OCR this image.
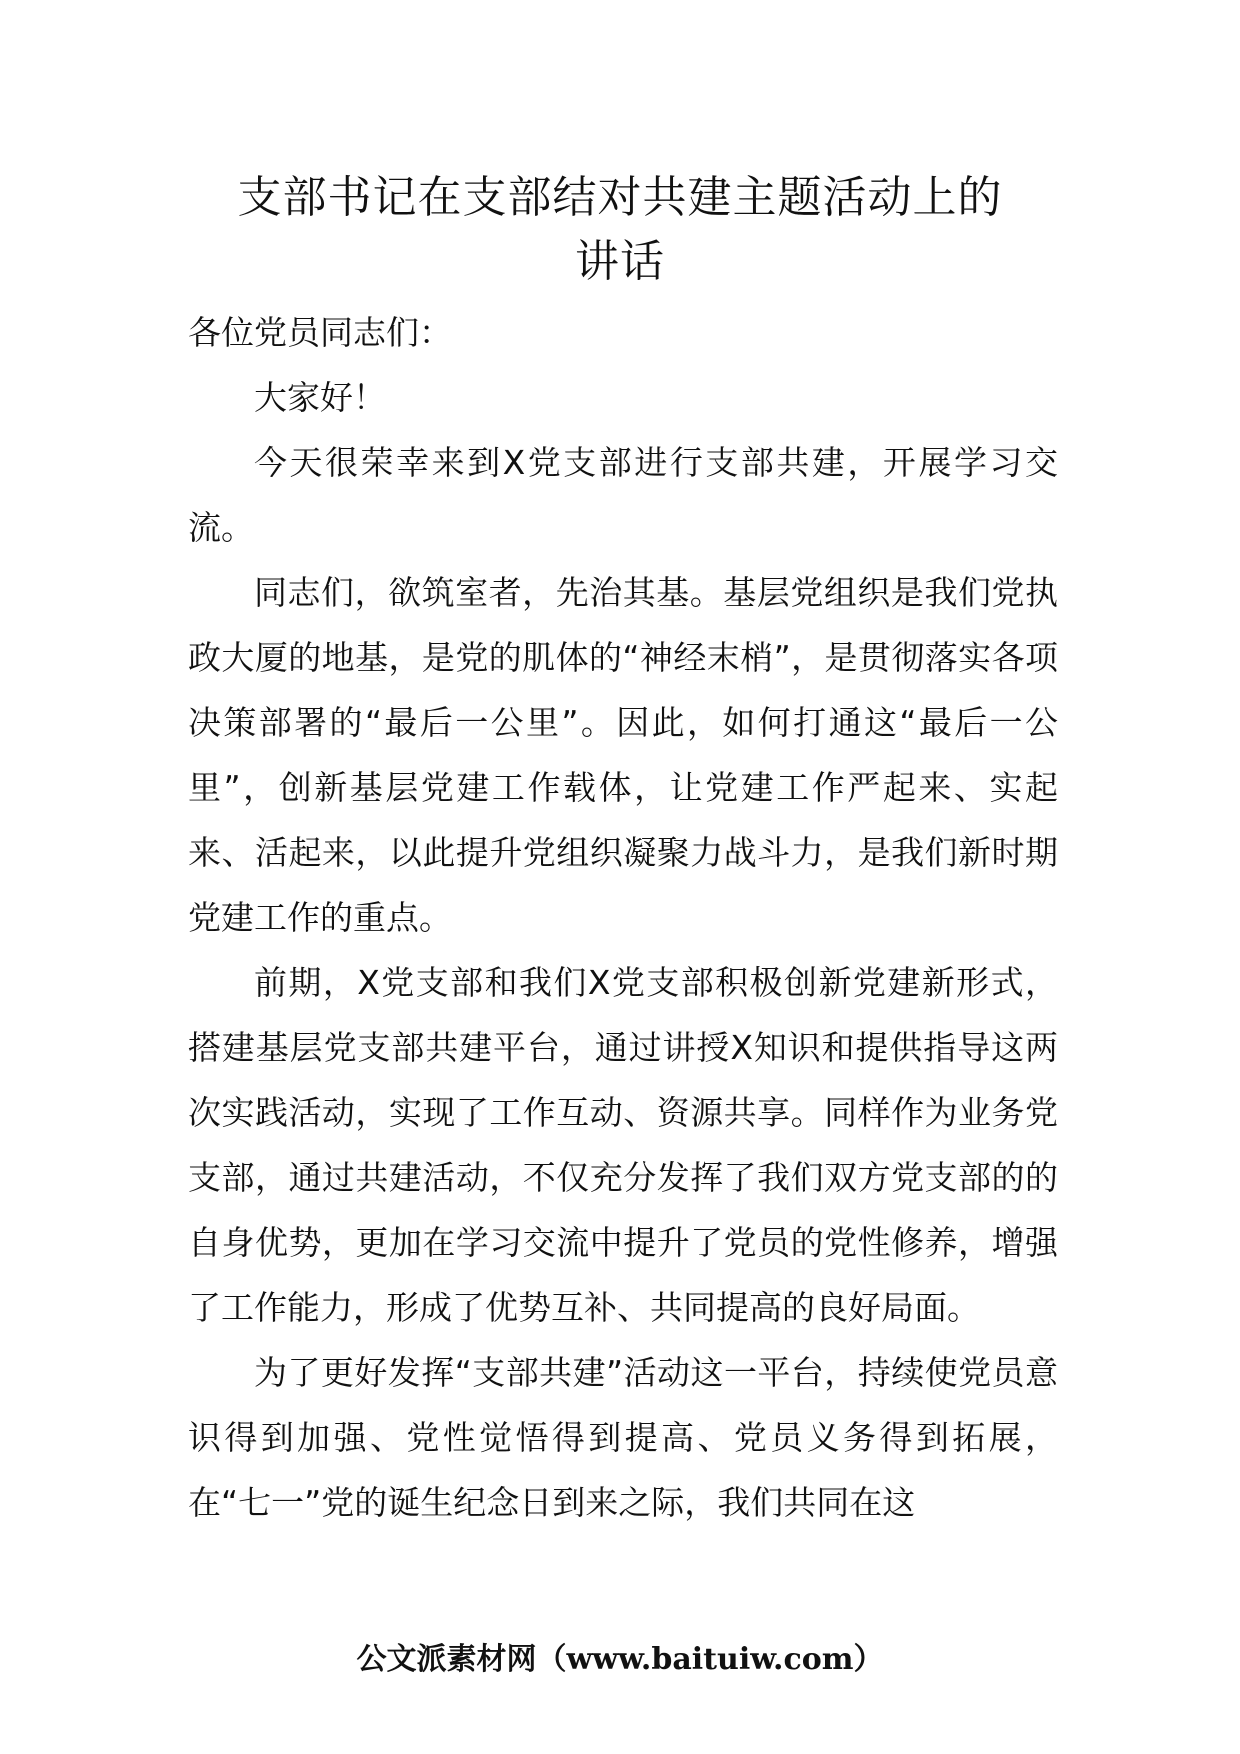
支部书记在支部结对共建主题活动上的
讲话

各位党员同志们：

大家好！

今天很荣幸来到X党支部进行支部共建，开展学习交流。

同志们，欲筑室者，先治其基。基层党组织是我们党执政大厦的地基，是党的肌体的“神经末梢”，是贯彻落实各项决策部署的“最后一公里”。因此，如何打通这“最后一公里”，创新基层党建工作载体，让党建工作严起来、实起来、活起来，以此提升党组织凝聚力战斗力，是我们新时期党建工作的重点。

前期，X党支部和我们X党支部积极创新党建新形式，搭建基层党支部共建平台，通过讲授X知识和提供指导这两次实践活动，实现了工作互动、资源共享。同样作为业务党支部，通过共建活动，不仅充分发挥了我们双方党支部的的自身优势，更加在学习交流中提升了党员的党性修养，增强了工作能力，形成了优势互补、共同提高的良好局面。

为了更好发挥“支部共建”活动这一平台，持续使党员意识得到加强、党性觉悟得到提高、党员义务得到拓展，在“七一”党的诞生纪念日到来之际，我们共同在这

公文派素材网（www.baituiw.com）
